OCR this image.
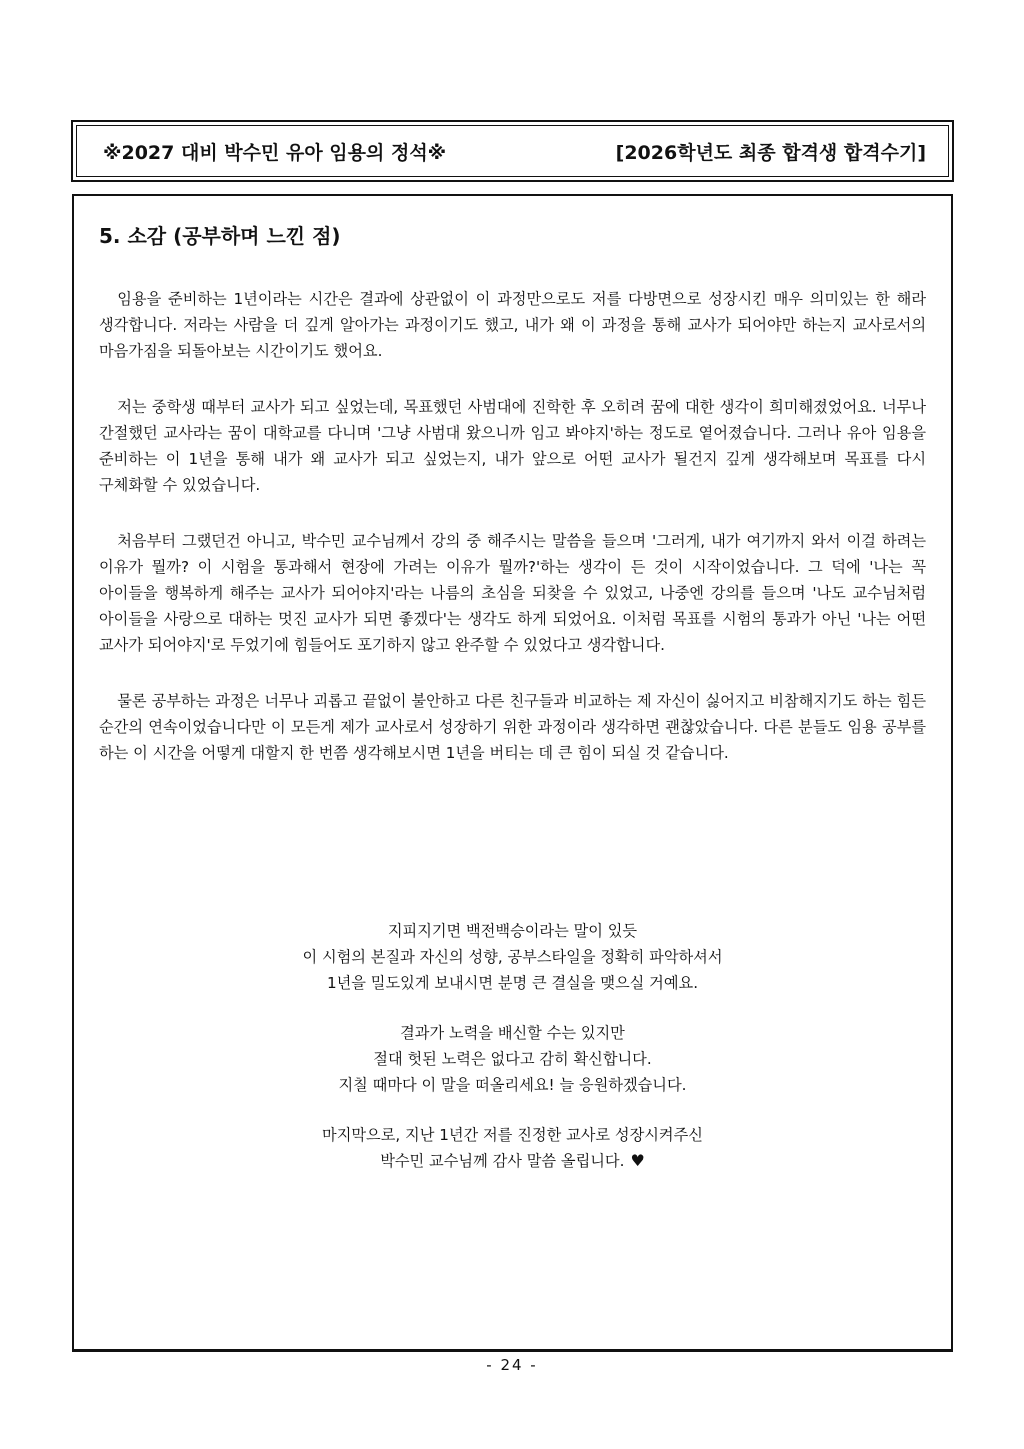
※2027 대비 박수민 유아 임용의 정석※	[2026학년도 최종 합격생 합격수기]
5. 소감 (공부하며 느낀 점)

임용을 준비하는 1년이라는 시간은 결과에 상관없이 이 과정만으로도 저를 다방면으로 성장시킨 매우 의미있는 한 해라 생각합니다. 저라는 사람을 더 깊게 알아가는 과정이기도 했고, 내가 왜 이 과정을 통해 교사가 되어야만 하는지 교사로서의 마음가짐을 되돌아보는 시간이기도 했어요.

저는 중학생 때부터 교사가 되고 싶었는데, 목표했던 사범대에 진학한 후 오히려 꿈에 대한 생각이 희미해졌었어요. 너무나 간절했던 교사라는 꿈이 대학교를 다니며 '그냥 사범대 왔으니까 임고 봐야지'하는 정도로 옅어졌습니다. 그러나 유아 임용을 준비하는 이 1년을 통해 내가 왜 교사가 되고 싶었는지, 내가 앞으로 어떤 교사가 될건지 깊게 생각해보며 목표를 다시 구체화할 수 있었습니다.

처음부터 그랬던건 아니고, 박수민 교수님께서 강의 중 해주시는 말씀을 들으며 '그러게, 내가 여기까지 와서 이걸 하려는 이유가 뭘까? 이 시험을 통과해서 현장에 가려는 이유가 뭘까?'하는 생각이 든 것이 시작이었습니다. 그 덕에 '나는 꼭 아이들을 행복하게 해주는 교사가 되어야지'라는 나름의 초심을 되찾을 수 있었고, 나중엔 강의를 들으며 '나도 교수님처럼 아이들을 사랑으로 대하는 멋진 교사가 되면 좋겠다'는 생각도 하게 되었어요. 이처럼 목표를 시험의 통과가 아닌 '나는 어떤 교사가 되어야지'로 두었기에 힘들어도 포기하지 않고 완주할 수 있었다고 생각합니다.

물론 공부하는 과정은 너무나 괴롭고 끝없이 불안하고 다른 친구들과 비교하는 제 자신이 싫어지고 비참해지기도 하는 힘든 순간의 연속이었습니다만 이 모든게 제가 교사로서 성장하기 위한 과정이라 생각하면 괜찮았습니다. 다른 분들도 임용 공부를 하는 이 시간을 어떻게 대할지 한 번쯤 생각해보시면 1년을 버티는 데 큰 힘이 되실 것 같습니다.

지피지기면 백전백승이라는 말이 있듯
이 시험의 본질과 자신의 성향, 공부스타일을 정확히 파악하셔서
1년을 밀도있게 보내시면 분명 큰 결실을 맺으실 거예요.
결과가 노력을 배신할 수는 있지만
절대 헛된 노력은 없다고 감히 확신합니다.
지칠 때마다 이 말을 떠올리세요! 늘 응원하겠습니다.
마지막으로, 지난 1년간 저를 진정한 교사로 성장시켜주신
박수민 교수님께 감사 말씀 올립니다. ♥
- 24 -
